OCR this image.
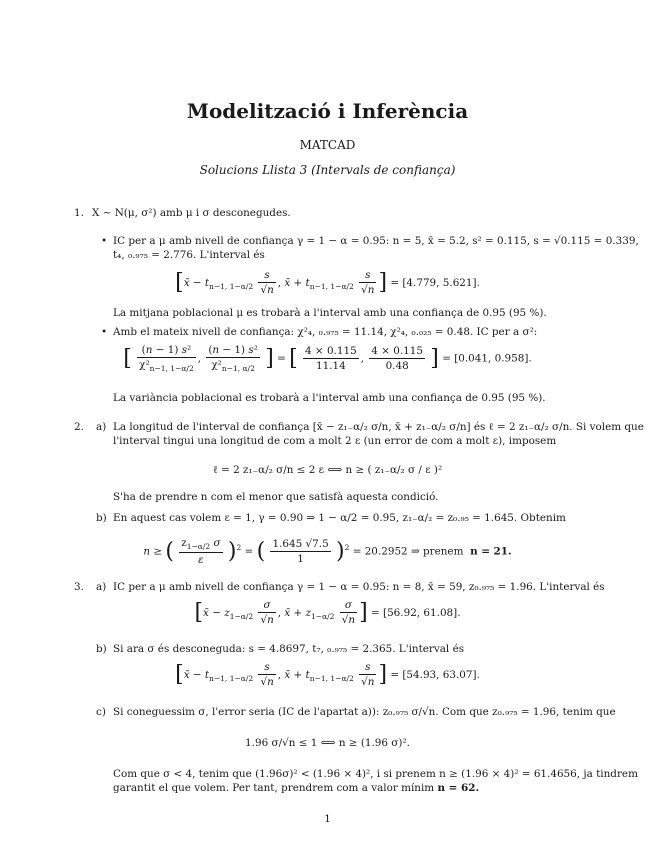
Modelització i Inferència
MATCAD
Solucions Llista 3 (Intervals de confiança)
1. X ∼ N(μ, σ²) amb μ i σ desconegudes.
• IC per a μ amb nivell de confiança γ = 1 − α = 0.95: n = 5, x̄ = 5.2, s² = 0.115, s = √0.115 = 0.339,
t₄, ₀.₉₇₅ = 2.776. L'interval és
[x̄ − $t_{n-1, 1-\alpha/2} \frac{s}{√n}$ , x̄ + $t_{n-1, 1-\alpha/2} \frac{s}{√n}$ ] = [4.779, 5.621].
La mitjana poblacional μ es trobarà a l'interval amb una confiança de 0.95 (95 %).
• Amb el mateix nivell de confiança: χ²₄, ₀.₉₇₅ = 11.14, χ²₄, ₀.₀₂₅ = 0.48. IC per a σ²:
[ $\frac{\text{(n − 1) s²}}{\chi^2_{n-1, 1-\alpha/2}}$ , $\frac{\text{(n − 1) s²}}{\chi^2_{n-1, \alpha/2}}$ ] = [ $\frac{4 \times 0.115}{11.14}$ , $\frac{4 \times 0.115}{0.48}$ ] = [0.041, 0.958].
La variància poblacional es trobarà a l'interval amb una confiança de 0.95 (95 %).
2.	a) La longitud de l'interval de confiança [x̄ − z₁₋α/₂ σ/n, x̄ + z₁₋α/₂ σ/n] és ℓ = 2 z₁₋α/₂ σ/n. Si volem que
l'interval tingui una longitud de com a molt 2 ε (un error de com a molt ε), imposem
ℓ = 2 z₁₋α/₂ σ/n ≤ 2 ε ⟺ n ≥ ( z₁₋α/₂ σ / ε )²
S'ha de prendre n com el menor que satisfà aquesta condició.
b) En aquest cas volem ε = 1, γ = 0.90 ⇒ 1 − α/2 = 0.95, z₁₋α/₂ = z₀.₉₅ = 1.645. Obtenim
n ≥ ( $\frac{z_{1-\alpha/2} \sigma}{\varepsilon} )^2$ = ( $\frac{1.645 √7.5}{1} )^2 = 20.2952$ ⇒ prenem n = 21.
3.	a) IC per a μ amb nivell de confiança γ = 1 − α = 0.95: n = 8, x̄ = 59, z₀.₉₇₅ = 1.96. L'interval és
[x̄ − $z_{1-\alpha/2} \frac{\sigma}{√n}$ , x̄ + $z_{1-\alpha/2} \frac{\sigma}{√n}$ ] = [56.92, 61.08].
b) Si ara σ és desconeguda: s = 4.8697, t₇, ₀.₉₇₅ = 2.365. L'interval és
[x̄ − $t_{n-1, 1-\alpha/2} \frac{s}{√n}$ , x̄ + $t_{n-1, 1-\alpha/2} \frac{s}{√n}$ ] = [54.93, 63.07].
c) Si coneguessim σ, l'error seria (IC de l'apartat a)): z₀.₉₇₅ σ/√n. Com que z₀.₉₇₅ = 1.96, tenim que
1.96 σ/√n ≤ 1 ⟺ n ≥ (1.96 σ)².
Com que σ < 4, tenim que (1.96σ)² < (1.96 × 4)², i si prenem n ≥ (1.96 × 4)² = 61.4656, ja tindrem
garantit el que volem. Per tant, prendrem com a valor mínim n = 62.
1
